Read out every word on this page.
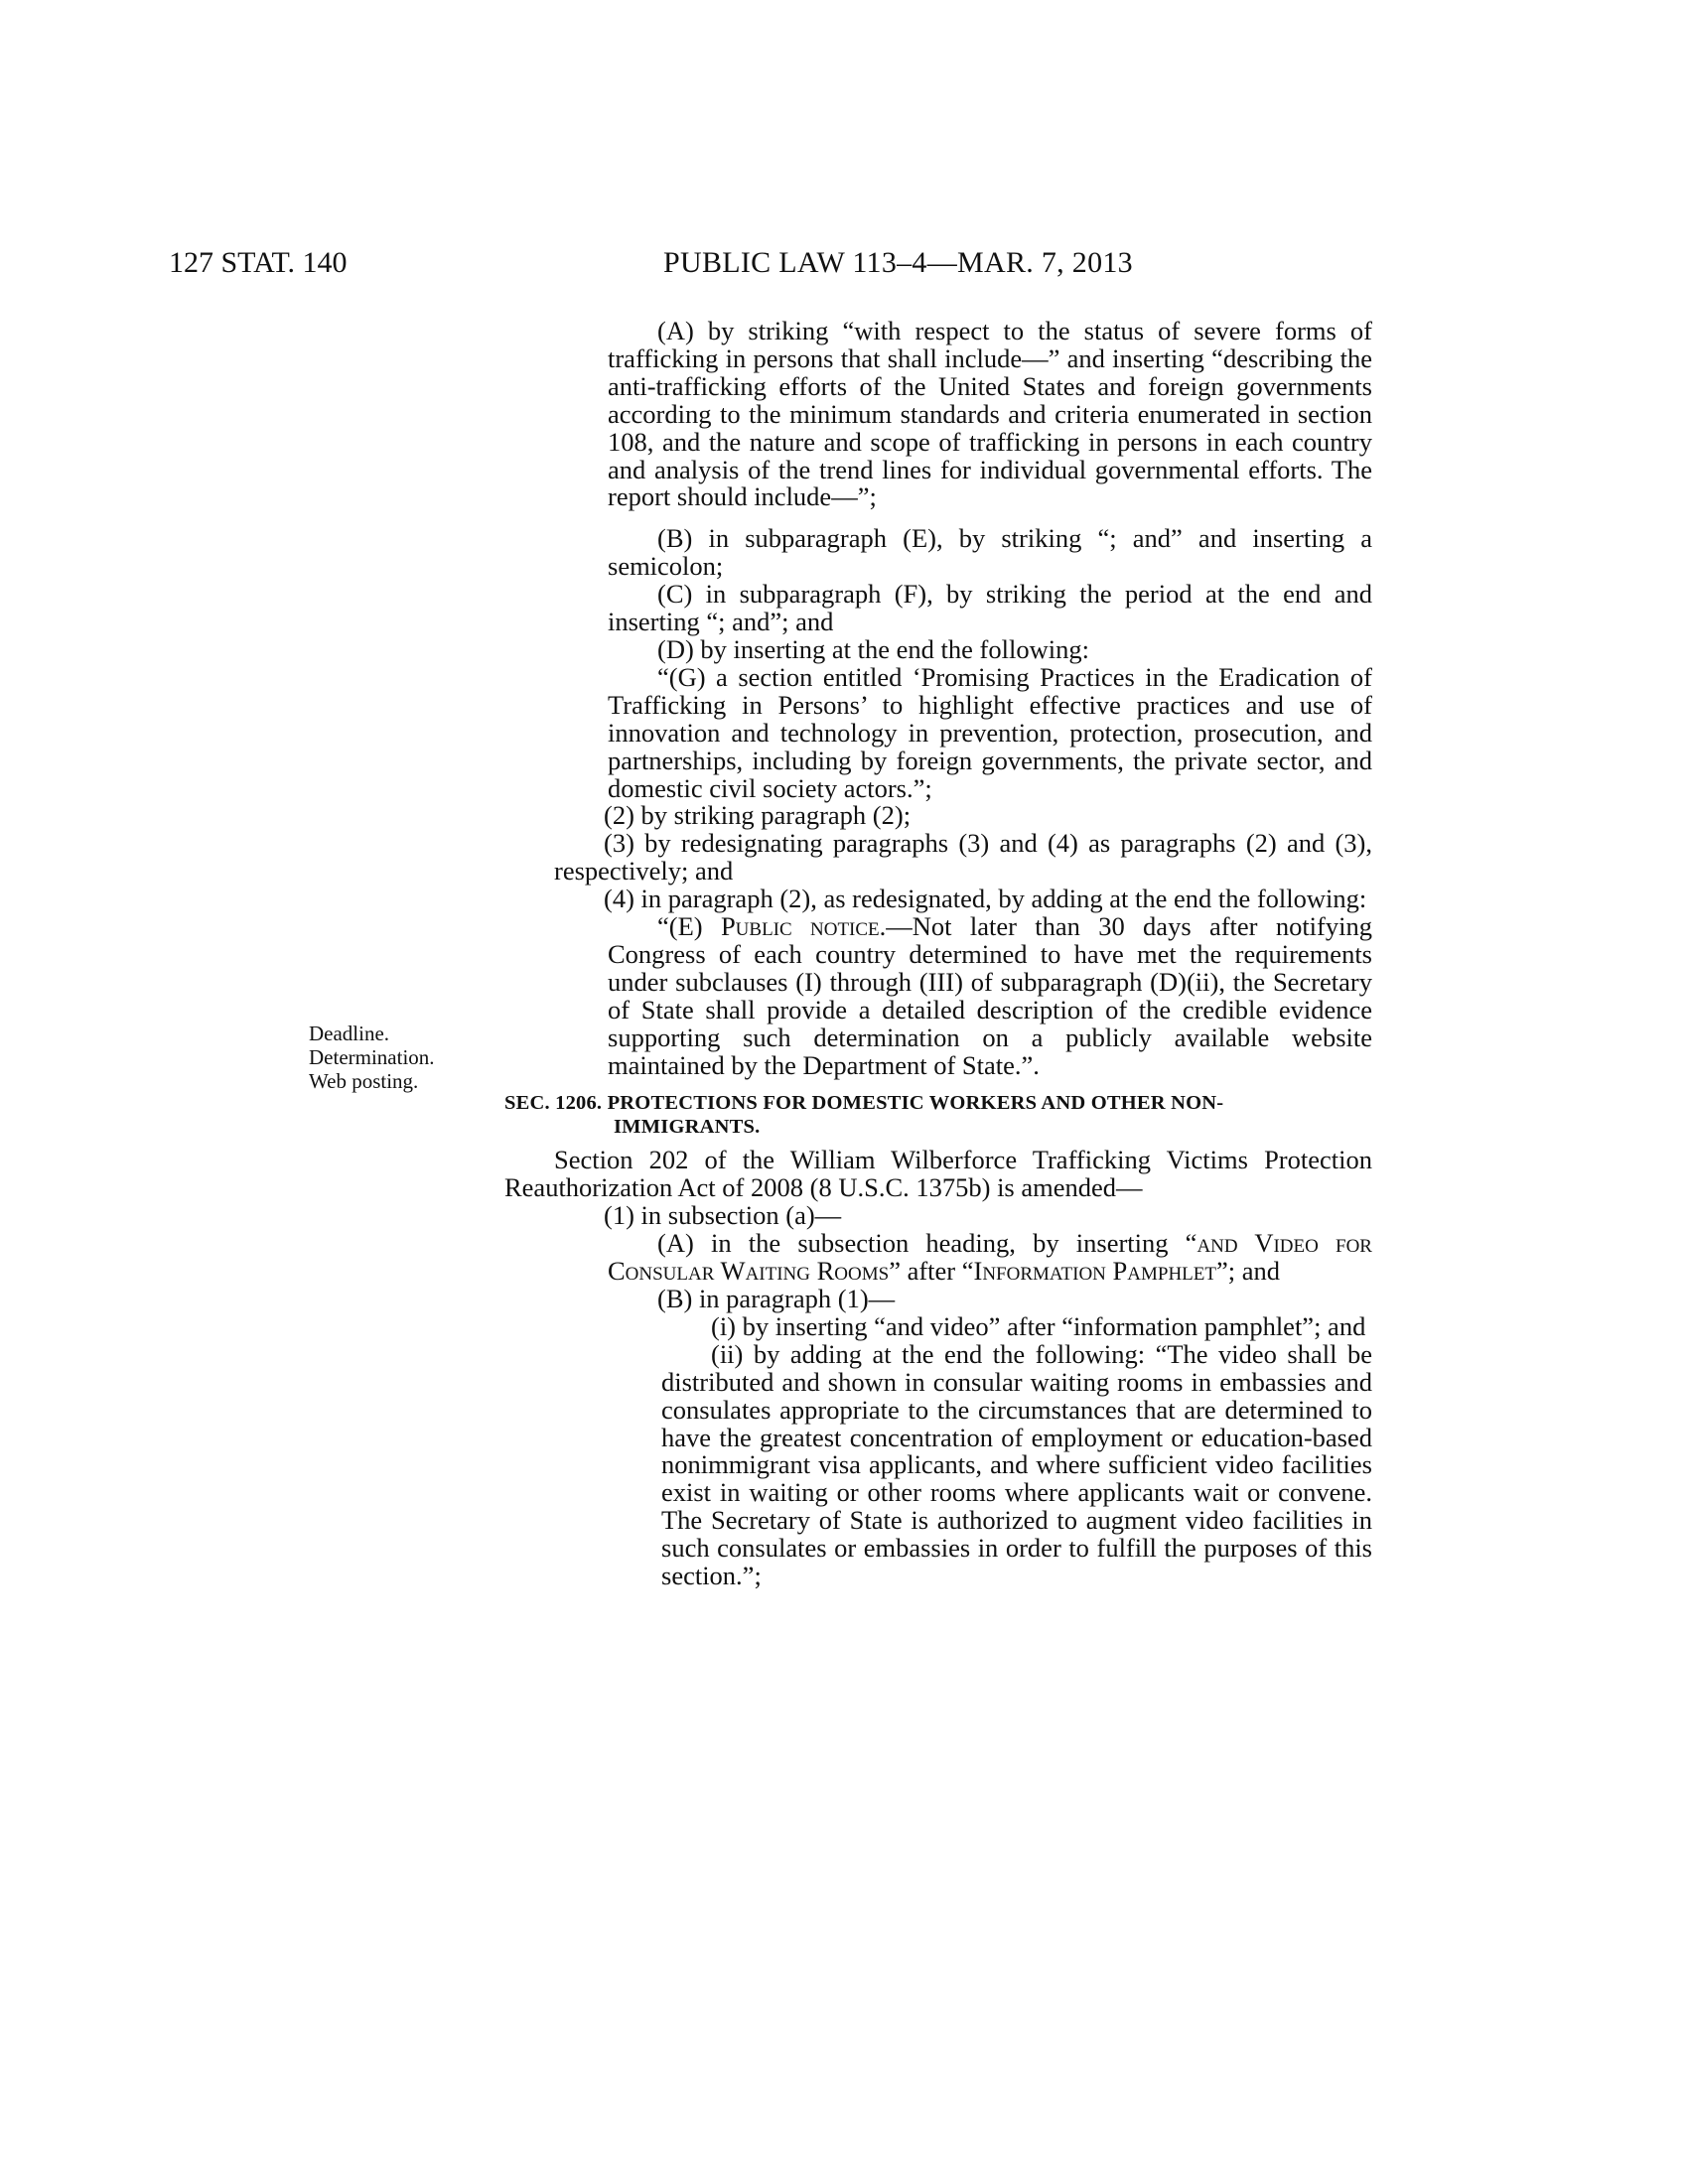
127 STAT. 140	PUBLIC LAW 113–4—MAR. 7, 2013
Deadline.
Determination.
Web posting.

(A) by striking “with respect to the status of severe forms of trafficking in persons that shall include—” and inserting “describing the anti-trafficking efforts of the United States and foreign governments according to the minimum standards and criteria enumerated in section 108, and the nature and scope of trafficking in persons in each country and analysis of the trend lines for individual governmental efforts. The report should include—”;

(B) in subparagraph (E), by striking “; and” and inserting a semicolon;

(C) in subparagraph (F), by striking the period at the end and inserting “; and”; and

(D) by inserting at the end the following:

“(G) a section entitled ‘Promising Practices in the Eradication of Trafficking in Persons’ to highlight effective practices and use of innovation and technology in prevention, protection, prosecution, and partnerships, including by foreign governments, the private sector, and domestic civil society actors.”;

(2) by striking paragraph (2);

(3) by redesignating paragraphs (3) and (4) as paragraphs (2) and (3), respectively; and

(4) in paragraph (2), as redesignated, by adding at the end the following:

“(E) Public notice.—Not later than 30 days after notifying Congress of each country determined to have met the requirements under subclauses (I) through (III) of subparagraph (D)(ii), the Secretary of State shall provide a detailed description of the credible evidence supporting such determination on a publicly available website maintained by the Department of State.”.

SEC. 1206. PROTECTIONS FOR DOMESTIC WORKERS AND OTHER NON-
IMMIGRANTS.

Section 202 of the William Wilberforce Trafficking Victims Protection Reauthorization Act of 2008 (8 U.S.C. 1375b) is amended—

(1) in subsection (a)—

(A) in the subsection heading, by inserting “and Video for Consular Waiting Rooms” after “Information Pamphlet”; and

(B) in paragraph (1)—

(i) by inserting “and video” after “information pamphlet”; and

(ii) by adding at the end the following: “The video shall be distributed and shown in consular waiting rooms in embassies and consulates appropriate to the circumstances that are determined to have the greatest concentration of employment or education-based nonimmigrant visa applicants, and where sufficient video facilities exist in waiting or other rooms where applicants wait or convene. The Secretary of State is authorized to augment video facilities in such consulates or embassies in order to fulfill the purposes of this section.”;
